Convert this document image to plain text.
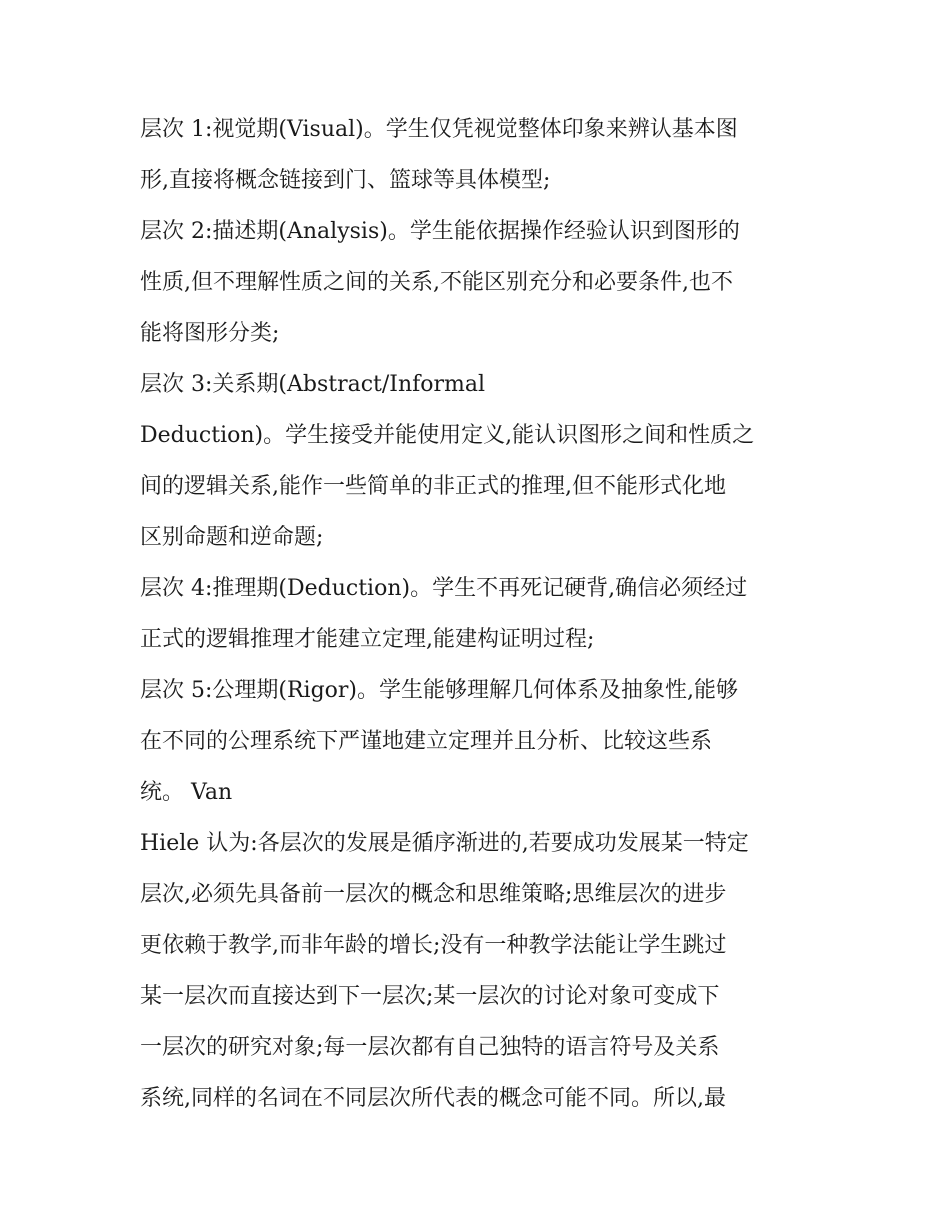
层次 1:视觉期(Visual)。学生仅凭视觉整体印象来辨认基本图
形,直接将概念链接到门、篮球等具体模型;
层次 2:描述期(Analysis)。学生能依据操作经验认识到图形的
性质,但不理解性质之间的关系,不能区别充分和必要条件,也不
能将图形分类;
层次 3:关系期(Abstract/Informal
Deduction)。学生接受并能使用定义,能认识图形之间和性质之
间的逻辑关系,能作一些简单的非正式的推理,但不能形式化地
区别命题和逆命题;
层次 4:推理期(Deduction)。学生不再死记硬背,确信必须经过
正式的逻辑推理才能建立定理,能建构证明过程;
层次 5:公理期(Rigor)。学生能够理解几何体系及抽象性,能够
在不同的公理系统下严谨地建立定理并且分析、比较这些系
统。 Van
Hiele 认为:各层次的发展是循序渐进的,若要成功发展某一特定
层次,必须先具备前一层次的概念和思维策略;思维层次的进步
更依赖于教学,而非年龄的增长;没有一种教学法能让学生跳过
某一层次而直接达到下一层次;某一层次的讨论对象可变成下
一层次的研究对象;每一层次都有自己独特的语言符号及关系
系统,同样的名词在不同层次所代表的概念可能不同。所以,最
